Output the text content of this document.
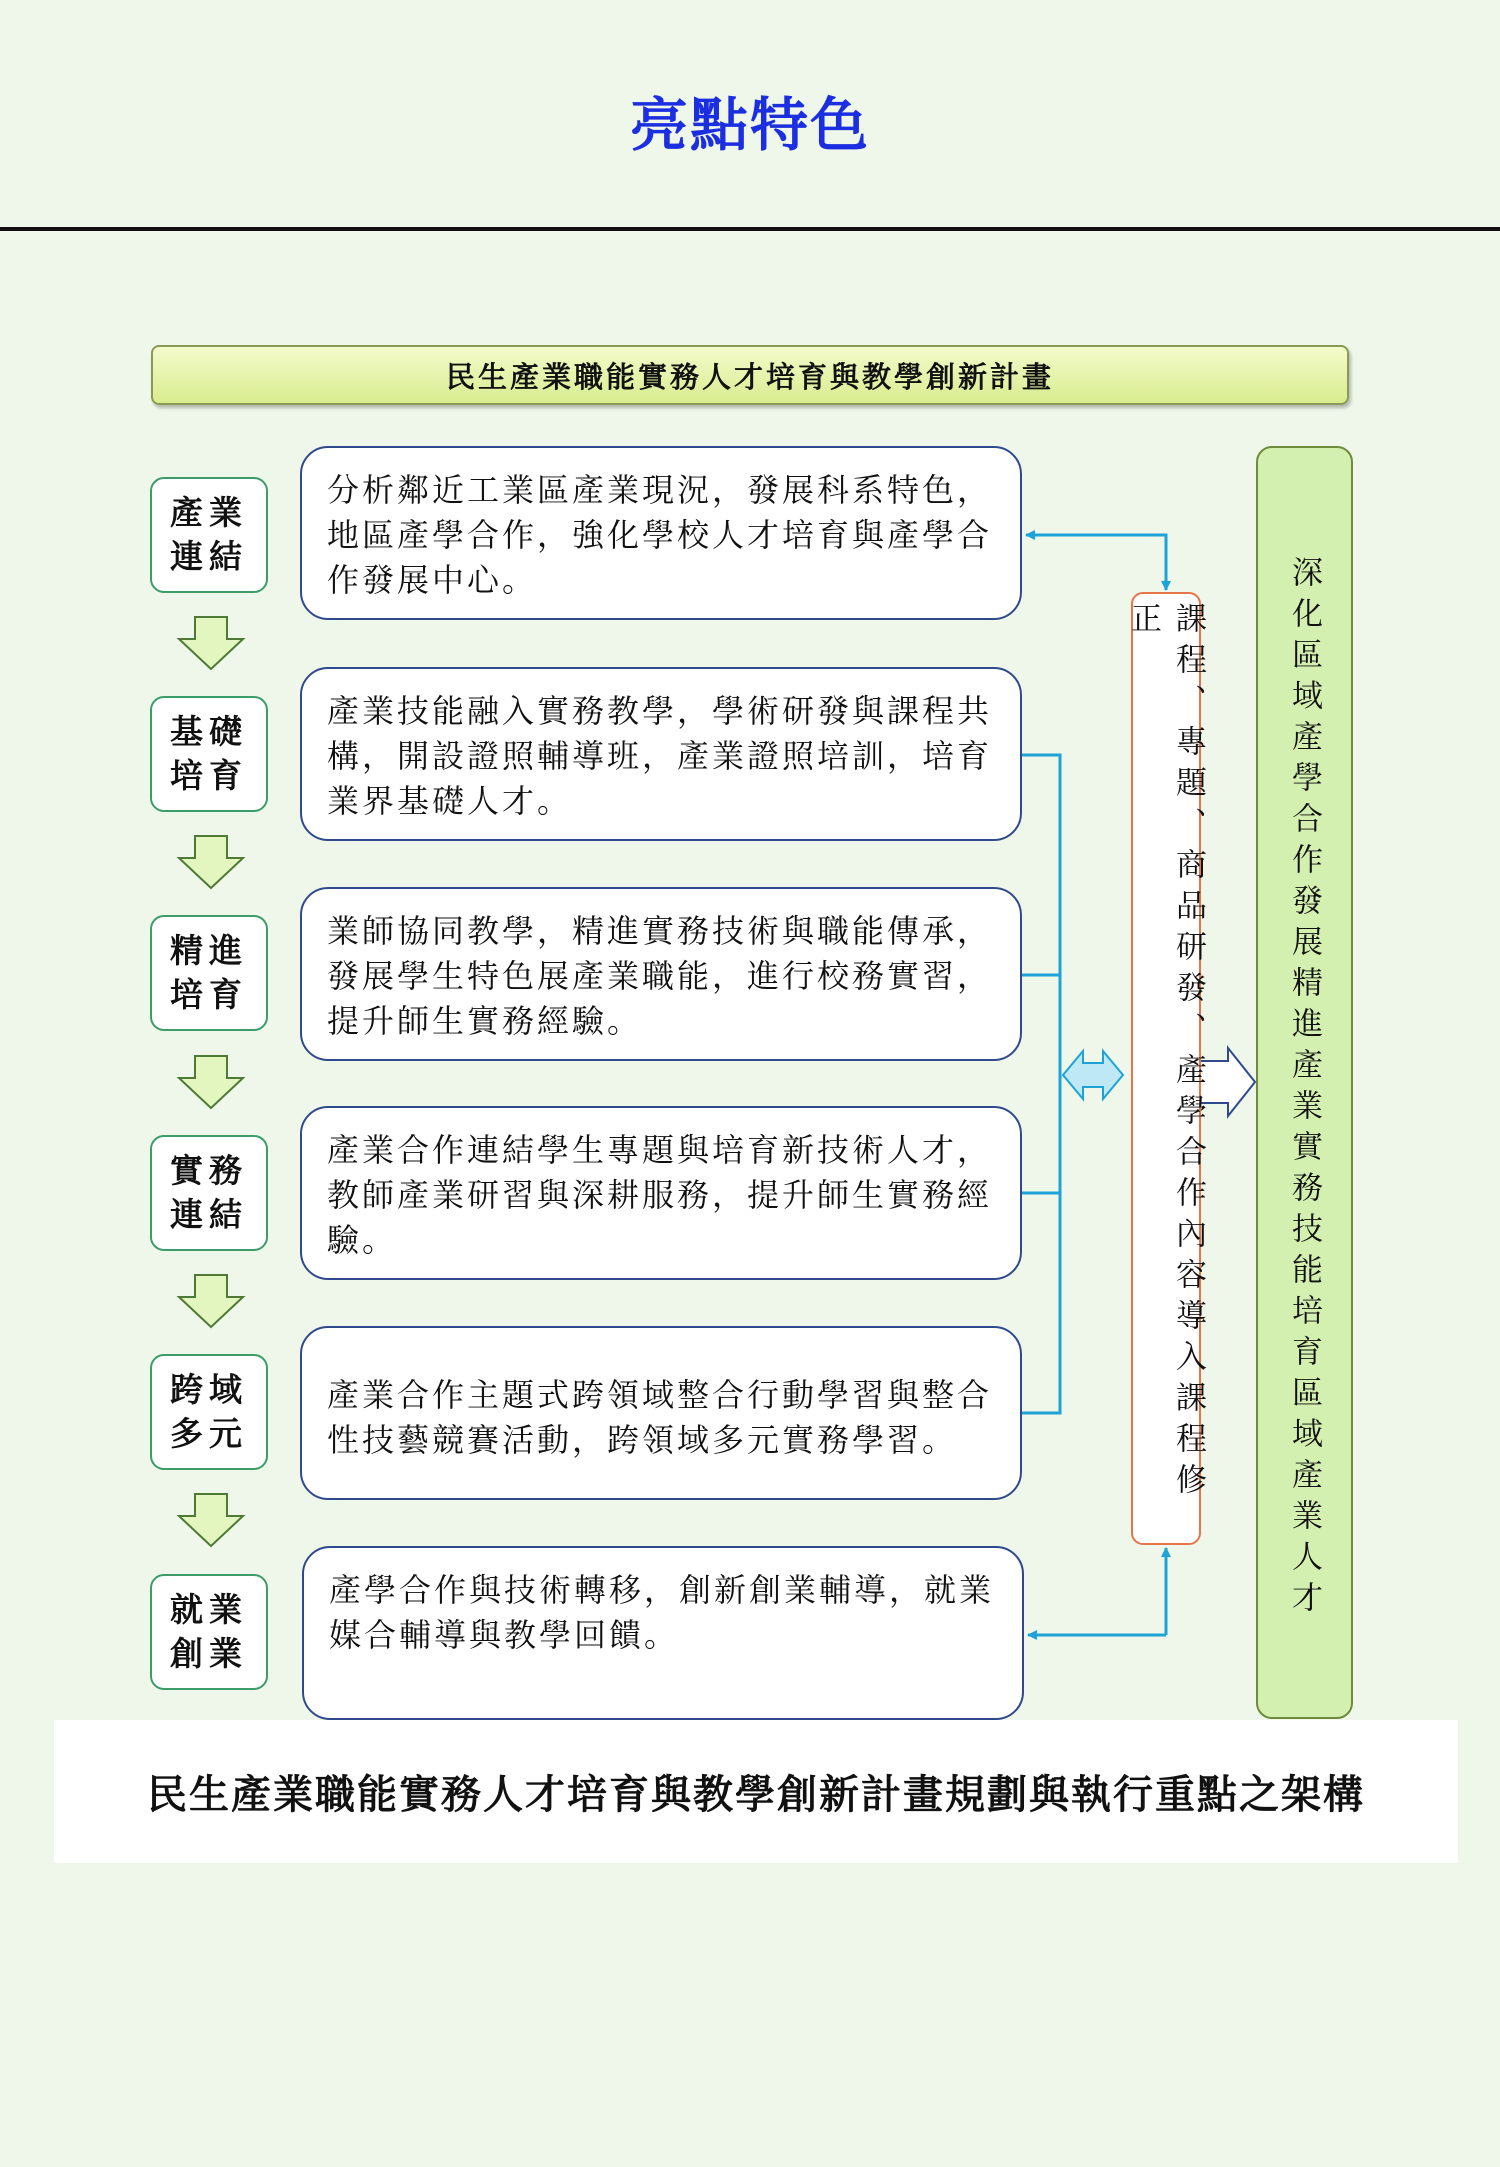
亮點特色
民生產業職能實務人才培育與教學創新計畫
產業
連結
基礎
培育
精進
培育
實務
連結
跨域
多元
就業
創業
分析鄰近工業區產業現況，發展科系特色，地區產學合作，強化學校人才培育與產學合作發展中心。
產業技能融入實務教學，學術研發與課程共構，開設證照輔導班，產業證照培訓，培育業界基礎人才。
業師協同教學，精進實務技術與職能傳承，發展學生特色展產業職能，進行校務實習，提升師生實務經驗。
產業合作連結學生專題與培育新技術人才，教師產業研習與深耕服務，提升師生實務經驗。
產業合作主題式跨領域整合行動學習與整合性技藝競賽活動，跨領域多元實務學習。
產學合作與技術轉移，創新創業輔導，就業媒合輔導與教學回饋。
課程、專題、商品研發、產學合作內容導入課程修正	深化區域產學合作發展精進產業實務技能培育區域產業人才
民生產業職能實務人才培育與教學創新計畫規劃與執行重點之架構
